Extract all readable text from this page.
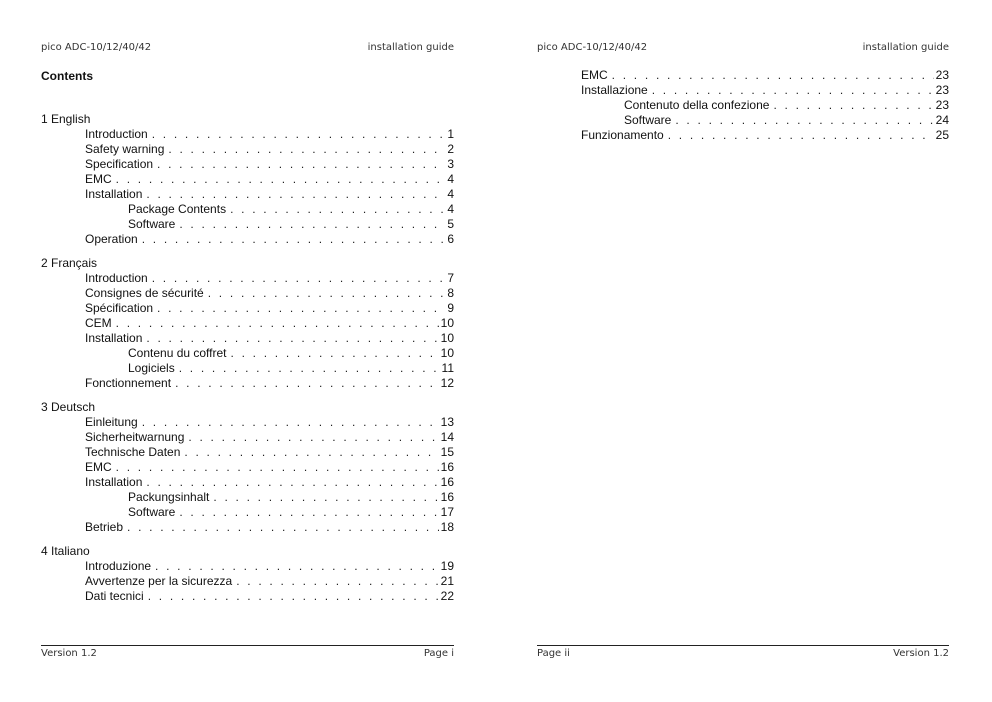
pico ADC-10/12/40/42	installation guide
Contents
1 English
Introduction . . .	1
Safety warning . . .	2
Specification . . .	3
EMC . . .	4
Installation . . .	4
Package Contents . . .	4
Software . . .	5
Operation . . .	6
2 Français
Introduction . . .	7
Consignes de sécurité . . .	8
Spécification . . .	9
CEM . . .	10
Installation . . .	10
Contenu du coffret . . .	10
Logiciels . . .	11
Fonctionnement . . .	12
3 Deutsch
Einleitung . . .	13
Sicherheitwarnung . . .	14
Technische Daten . . .	15
EMC . . .	16
Installation . . .	16
Packungsinhalt . . .	16
Software . . .	17
Betrieb . . .	18
4 Italiano
Introduzione . . .	19
Avvertenze per la sicurezza . . .	21
Dati tecnici . . .	22
Version 1.2	Page i
pico ADC-10/12/40/42	installation guide
EMC . . .	23
Installazione . . .	23
Contenuto della confezione . . .	23
Software . . .	24
Funzionamento . . .	25
Page ii	Version 1.2
